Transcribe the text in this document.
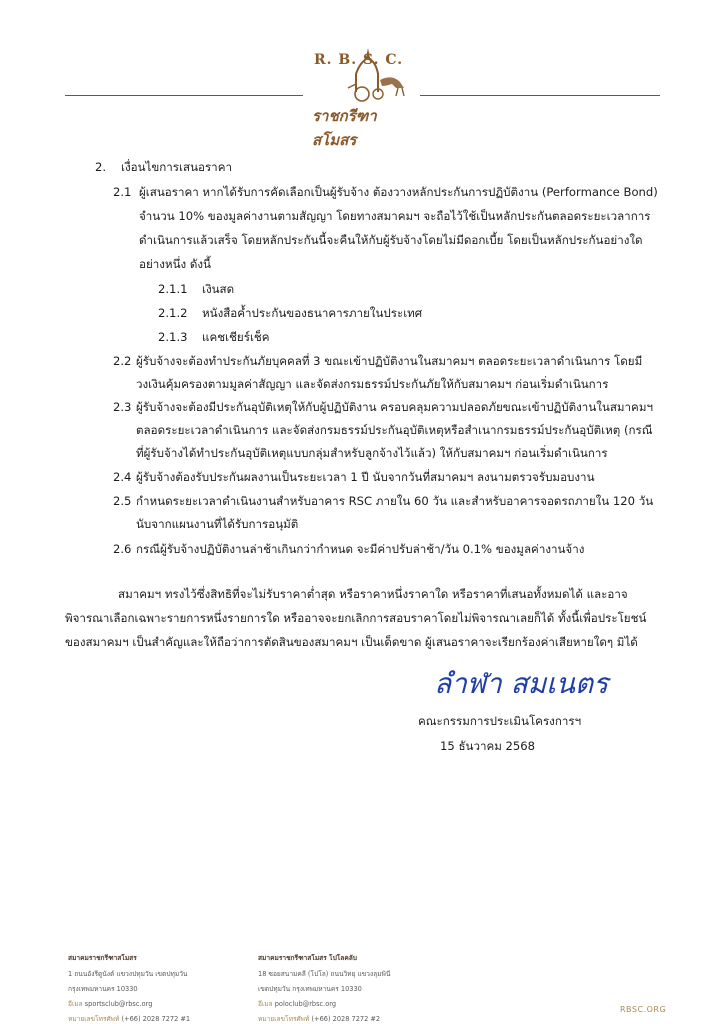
R. B. S. C.
ราชกรีฑาสโมสร
2. เงื่อนไขการเสนอราคา
2.1 ผู้เสนอราคา หากได้รับการคัดเลือกเป็นผู้รับจ้าง ต้องวางหลักประกันการปฏิบัติงาน (Performance Bond)
จำนวน 10% ของมูลค่างานตามสัญญา โดยทางสมาคมฯ จะถือไว้ใช้เป็นหลักประกันตลอดระยะเวลาการ
ดำเนินการแล้วเสร็จ โดยหลักประกันนี้จะคืนให้กับผู้รับจ้างโดยไม่มีดอกเบี้ย โดยเป็นหลักประกันอย่างใด
อย่างหนึ่ง ดังนี้
2.1.1 เงินสด
2.1.2 หนังสือค้ำประกันของธนาคารภายในประเทศ
2.1.3 แคชเชียร์เช็ค
2.2 ผู้รับจ้างจะต้องทำประกันภัยบุคคลที่ 3 ขณะเข้าปฏิบัติงานในสมาคมฯ ตลอดระยะเวลาดำเนินการ โดยมี
วงเงินคุ้มครองตามมูลค่าสัญญา และจัดส่งกรมธรรม์ประกันภัยให้กับสมาคมฯ ก่อนเริ่มดำเนินการ
2.3 ผู้รับจ้างจะต้องมีประกันอุบัติเหตุให้กับผู้ปฏิบัติงาน ครอบคลุมความปลอดภัยขณะเข้าปฏิบัติงานในสมาคมฯ
ตลอดระยะเวลาดำเนินการ และจัดส่งกรมธรรม์ประกันอุบัติเหตุหรือสำเนากรมธรรม์ประกันอุบัติเหตุ (กรณี
ที่ผู้รับจ้างได้ทำประกันอุบัติเหตุแบบกลุ่มสำหรับลูกจ้างไว้แล้ว) ให้กับสมาคมฯ ก่อนเริ่มดำเนินการ
2.4 ผู้รับจ้างต้องรับประกันผลงานเป็นระยะเวลา 1 ปี นับจากวันที่สมาคมฯ ลงนามตรวจรับมอบงาน
2.5 กำหนดระยะเวลาดำเนินงานสำหรับอาคาร RSC ภายใน 60 วัน และสำหรับอาคารจอดรถภายใน 120 วัน
นับจากแผนงานที่ได้รับการอนุมัติ
2.6 กรณีผู้รับจ้างปฏิบัติงานล่าช้าเกินกว่ากำหนด จะมีค่าปรับล่าช้า/วัน 0.1% ของมูลค่างานจ้าง
สมาคมฯ ทรงไว้ซึ่งสิทธิที่จะไม่รับราคาต่ำสุด หรือราคาหนึ่งราคาใด หรือราคาที่เสนอทั้งหมดได้ และอาจ
พิจารณาเลือกเฉพาะรายการหนึ่งรายการใด หรืออาจจะยกเลิกการสอบราคาโดยไม่พิจารณาเลยก็ได้ ทั้งนี้เพื่อประโยชน์
ของสมาคมฯ เป็นสำคัญและให้ถือว่าการตัดสินของสมาคมฯ เป็นเด็ดขาด ผู้เสนอราคาจะเรียกร้องค่าเสียหายใดๆ มิได้
ลำฬา สมเนตร
คณะกรรมการประเมินโครงการฯ
15 ธันวาคม 2568
สมาคมราชกรีฑาสโมสร
1 ถนนอังรีดูนังต์ แขวงปทุมวัน เขตปทุมวัน
กรุงเทพมหานคร 10330
อีเมล sportsclub@rbsc.org
หมายเลขโทรศัพท์ (+66) 2028 7272 #1
สมาคมราชกรีฑาสโมสร โปโลคลับ
18 ซอยสนามคลี (โปโล) ถนนวิทยุ แขวงลุมพินี
เขตปทุมวัน กรุงเทพมหานคร 10330
อีเมล poloclub@rbsc.org
หมายเลขโทรศัพท์ (+66) 2028 7272 #2
RBSC.ORG
